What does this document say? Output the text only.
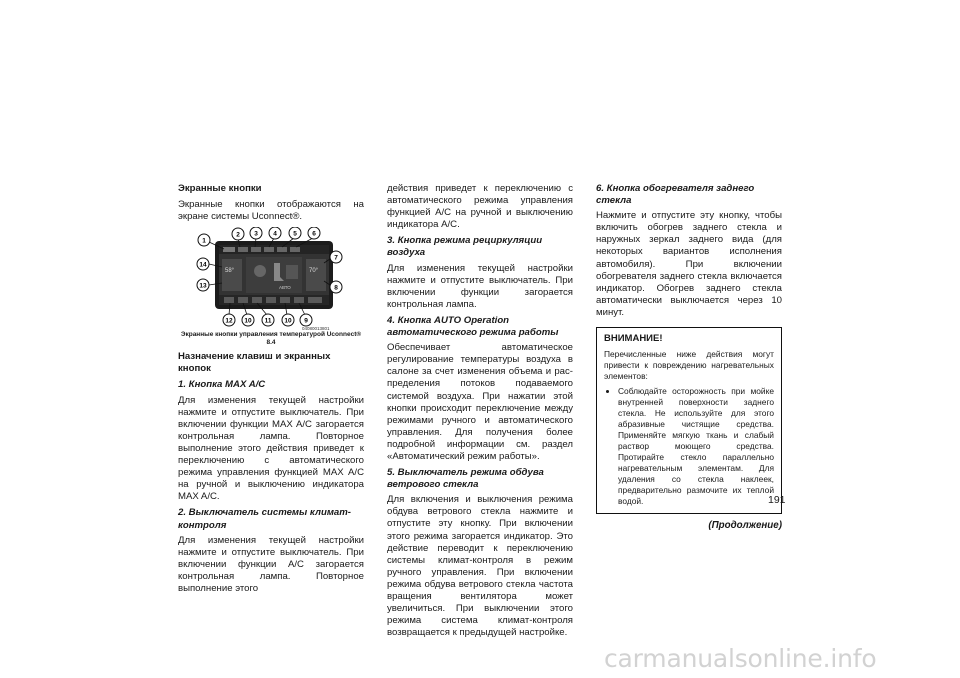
Экранные кнопки
Экранные кнопки отображаются на экране системы Uconnect®.
58°	70°
АВТО
1
2 3 4	5 6
7
8
9
10
11
10
12
13
14
04080013801
Экранные кнопки управления температурой Uconnect® 8.4
Назначение клавиш и экранных кнопок
1. Кнопка MAX A/C
Для изменения текущей настройки нажмите и отпустите выключатель. При включении функции MAX A/C загорается контрольная лампа. Повторное выполнение этого действия приведет к переключению с автоматического режима управления функцией MAX A/C на ручной и выключению индикатора MAX A/C.
2. Выключатель системы климат-контроля
Для изменения текущей настройки нажмите и отпустите выключатель. При включении функции A/C загорается контрольная лампа. Повторное выполнение этого
действия приведет к переключению с автоматического режима управления функцией A/C на ручной и выключению индикатора A/C.
3. Кнопка режима рециркуляции воздуха
Для изменения текущей настройки нажмите и отпустите выключатель. При включении функции загорается контрольная лампа.
4. Кнопка AUTO Operation автоматического режима работы
Обеспечивает автоматическое регулирование температуры воздуха в салоне за счет изменения объема и распределения потоков подаваемого системой воздуха. При нажатии этой кнопки происходит переключение между режимами ручного и автоматического управления. Для получения более подробной информации см. раздел «Автоматический режим работы».
5. Выключатель режима обдува ветрового стекла
Для включения и выключения режима обдува ветрового стекла нажмите и отпустите эту кнопку. При включении этого режима загорается индикатор. Это действие переводит к переключению системы климат-контроля в режим ручного управления. При включении режима обдува ветрового стекла частота вращения вентилятора может увеличиться. При выключении этого режима система климат-контроля возвращается к предыдущей настройке.
6. Кнопка обогревателя заднего стекла
Нажмите и отпустите эту кнопку, чтобы включить обогрев заднего стекла и наружных зеркал заднего вида (для некоторых вариантов исполнения автомобиля). При включении обогревателя заднего стекла включается индикатор. Обогрев заднего стекла автоматически выключается через 10 минут.
ВНИМАНИЕ!
Перечисленные ниже действия могут привести к повреждению нагревательных элементов:
• Соблюдайте осторожность при мойке внутренней поверхности заднего стекла. Не используйте для этого абразивные чистящие средства. Применяйте мягкую ткань и слабый раствор моющего средства. Протирайте стекло параллельно нагревательным элементам. Для удаления со стекла наклеек, предварительно размочите их теплой водой.
(Продолжение)
191
carmanualsonline.info
